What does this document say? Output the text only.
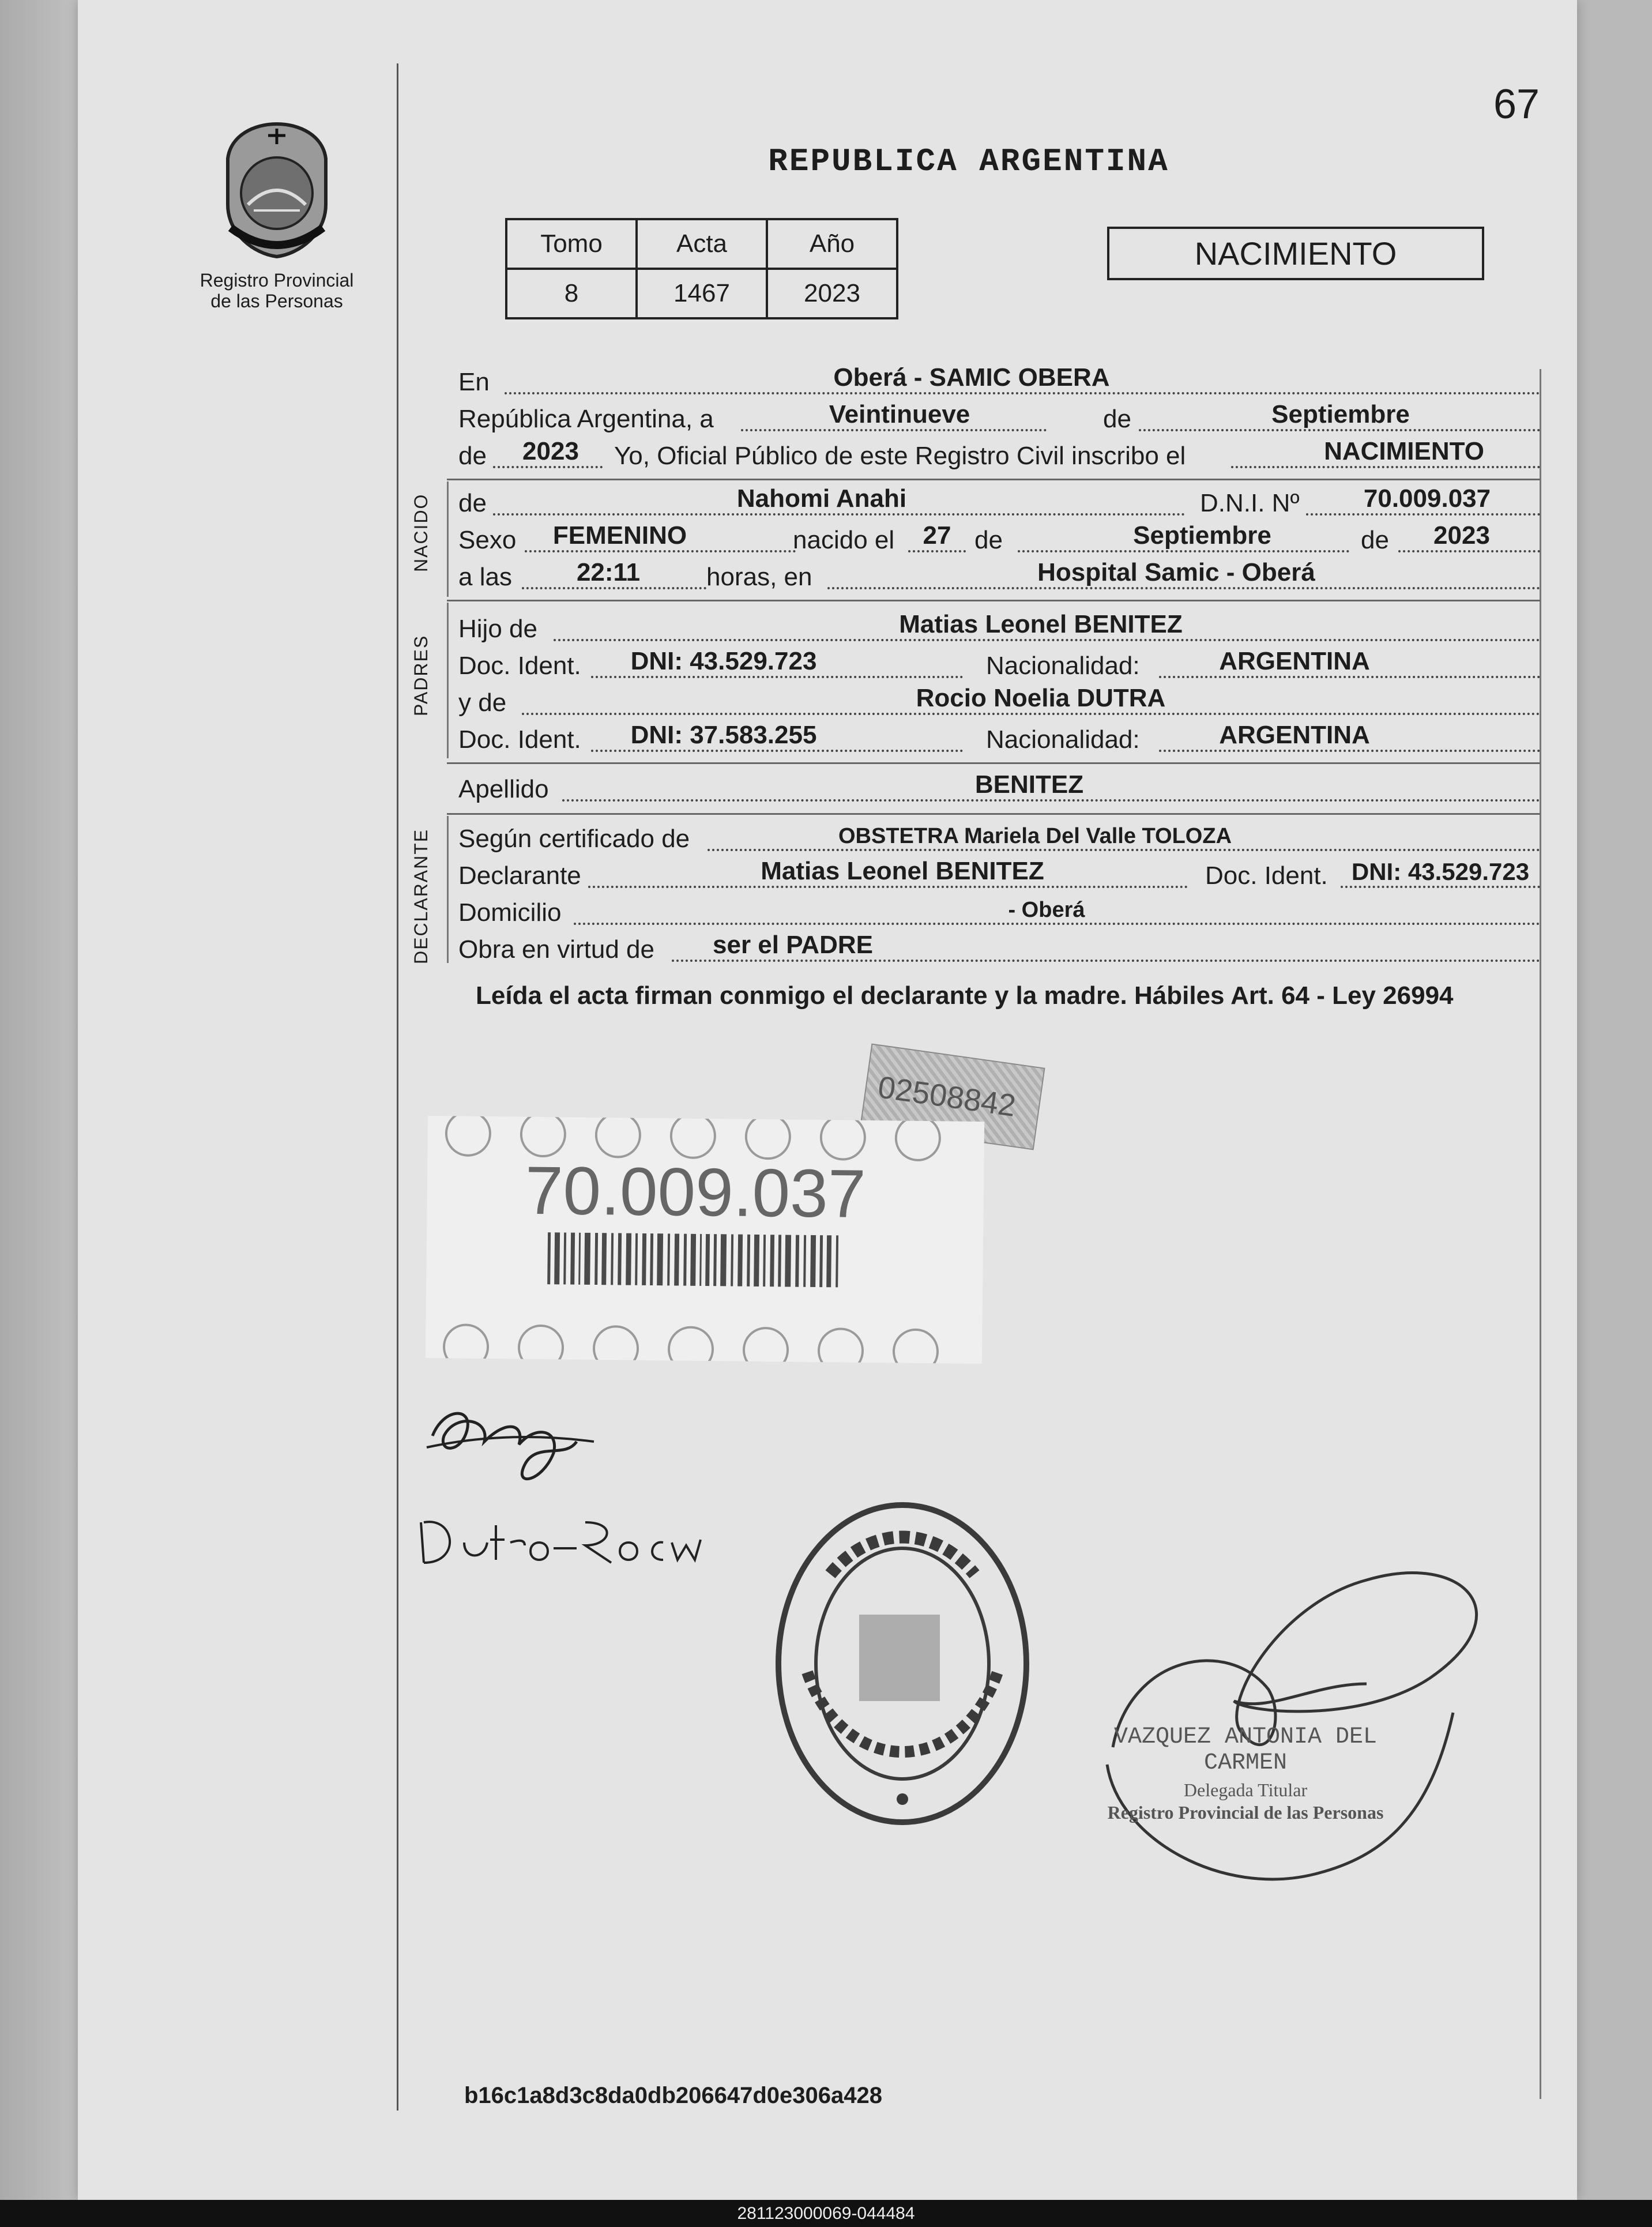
67
Registro Provincial
de las Personas
REPUBLICA ARGENTINA
Tomo	Acta	Año
8	1467	2023
NACIMIENTO
En	Oberá - SAMIC OBERA
República Argentina, a	Veintinueve	de	Septiembre
de	2023	Yo, Oficial Público de este Registro Civil inscribo el	NACIMIENTO
NACIDO de	Nahomi Anahi	D.N.I. Nº	70.009.037
Sexo	FEMENINO	nacido el	27 de	Septiembre	de	2023
a las	22:11	horas, en	Hospital Samic - Oberá
PADRES
Hijo de	Matias Leonel BENITEZ
Doc. Ident.	DNI: 43.529.723	Nacionalidad:	ARGENTINA
y de	Rocio Noelia DUTRA
Doc. Ident.	DNI: 37.583.255	Nacionalidad:	ARGENTINA
Apellido	BENITEZ
DECLARANTE Según certificado de	OBSTETRA Mariela Del Valle TOLOZA
Declarante	Matias Leonel BENITEZ	Doc. Ident. DNI: 43.529.723
Domicilio	- Oberá
Obra en virtud de	ser el PADRE
Leída el acta firman conmigo el declarante y la madre. Hábiles Art. 64 - Ley 26994
02508842
70.009.037
VAZQUEZ ANTONIA DEL CARMEN
Delegada Titular
Registro Provincial de las Personas
b16c1a8d3c8da0db206647d0e306a428
281123000069-044484
